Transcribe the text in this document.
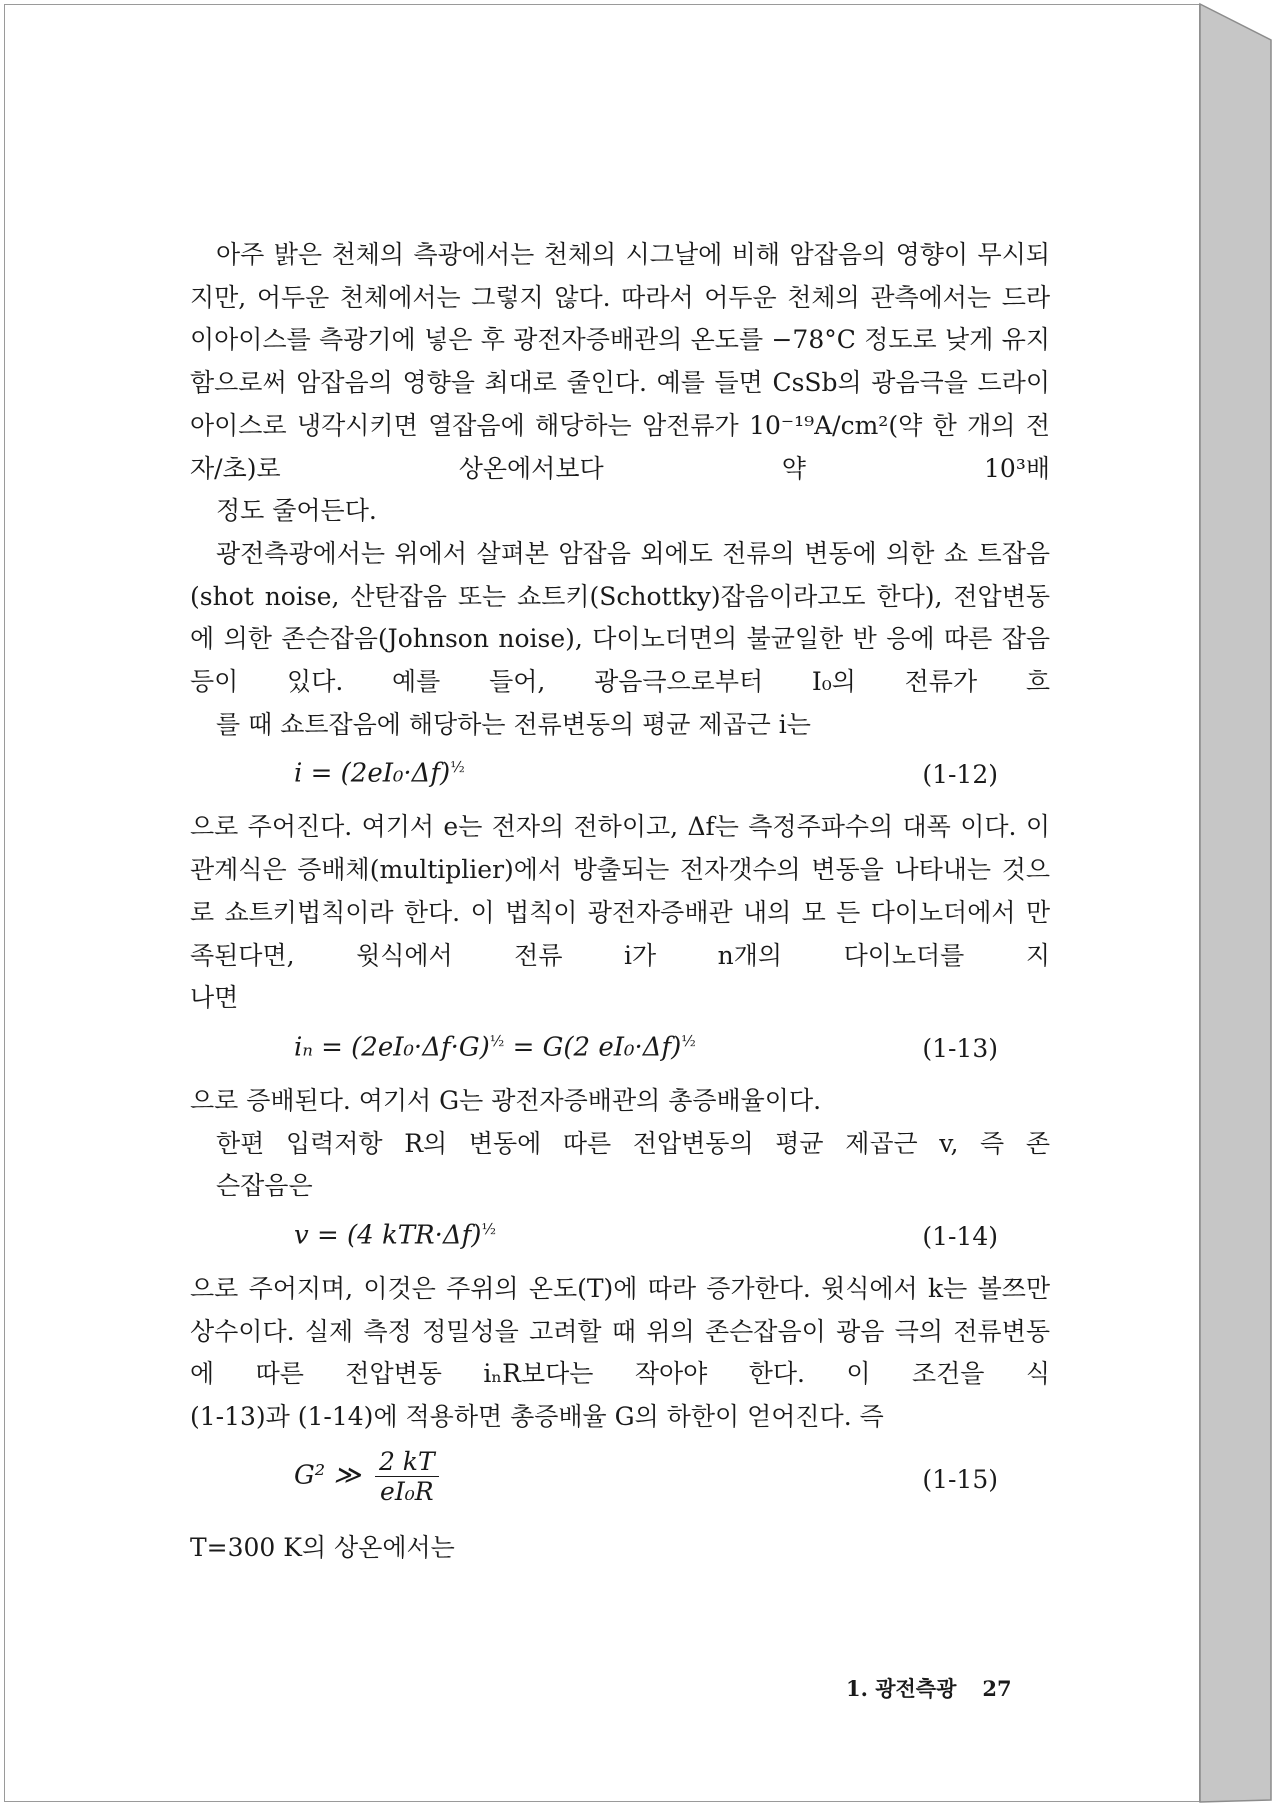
아주 밝은 천체의 측광에서는 천체의 시그날에 비해 암잡음의 영향이 무시되지만, 어두운 천체에서는 그렇지 않다. 따라서 어두운 천체의 관측에서는 드라이아이스를 측광기에 넣은 후 광전자증배관의 온도를 −78°C 정도로 낮게 유지함으로써 암잡음의 영향을 최대로 줄인다. 예를 들면 CsSb의 광음극을 드라이아이스로 냉각시키면 열잡음에 해당하는 암전류가 10⁻¹⁹A/cm²(약 한 개의 전자/초)로 상온에서보다 약 10³배
정도 줄어든다.
광전측광에서는 위에서 살펴본 암잡음 외에도 전류의 변동에 의한 쇼 트잡음(shot noise, 산탄잡음 또는 쇼트키(Schottky)잡음이라고도 한다), 전압변동에 의한 존슨잡음(Johnson noise), 다이노더면의 불균일한 반 응에 따른 잡음 등이 있다. 예를 들어, 광음극으로부터 I₀의 전류가 흐
를 때 쇼트잡음에 해당하는 전류변동의 평균 제곱근 i는
$i = (2eI_0\cdot\Delta f)^{\frac{1}{2}}$	(1-12)
으로 주어진다. 여기서 e는 전자의 전하이고, Δf는 측정주파수의 대폭 이다. 이 관계식은 증배체(multiplier)에서 방출되는 전자갯수의 변동을 나타내는 것으로 쇼트키법칙이라 한다. 이 법칙이 광전자증배관 내의 모 든 다이노더에서 만족된다면, 윗식에서 전류 i가 n개의 다이노더를 지
나면
$i_n = (2eI_0\cdot\Delta f\cdot G)^{\frac{1}{2}} = G(2$ eI₀·Δf)$^{\frac{1}{2}}$	(1-13)
으로 증배된다. 여기서 G는 광전자증배관의 총증배율이다.
한편 입력저항 R의 변동에 따른 전압변동의 평균 제곱근 v, 즉 존
슨잡음은
v = (4 kTR·Δf)$^{\frac{1}{2}}$	(1-14)
으로 주어지며, 이것은 주위의 온도(T)에 따라 증가한다. 윗식에서 k는 볼쯔만상수이다. 실제 측정 정밀성을 고려할 때 위의 존슨잡음이 광음 극의 전류변동에 따른 전압변동 iₙR보다는 작아야 한다. 이 조건을 식
(1-13)과 (1-14)에 적용하면 총증배율 G의 하한이 얻어진다. 즉
G² ≫ $\frac{2 kT}{\text{eI₀R}}$	(1-15)
T=300 K의 상온에서는
1. 광전측광 27
